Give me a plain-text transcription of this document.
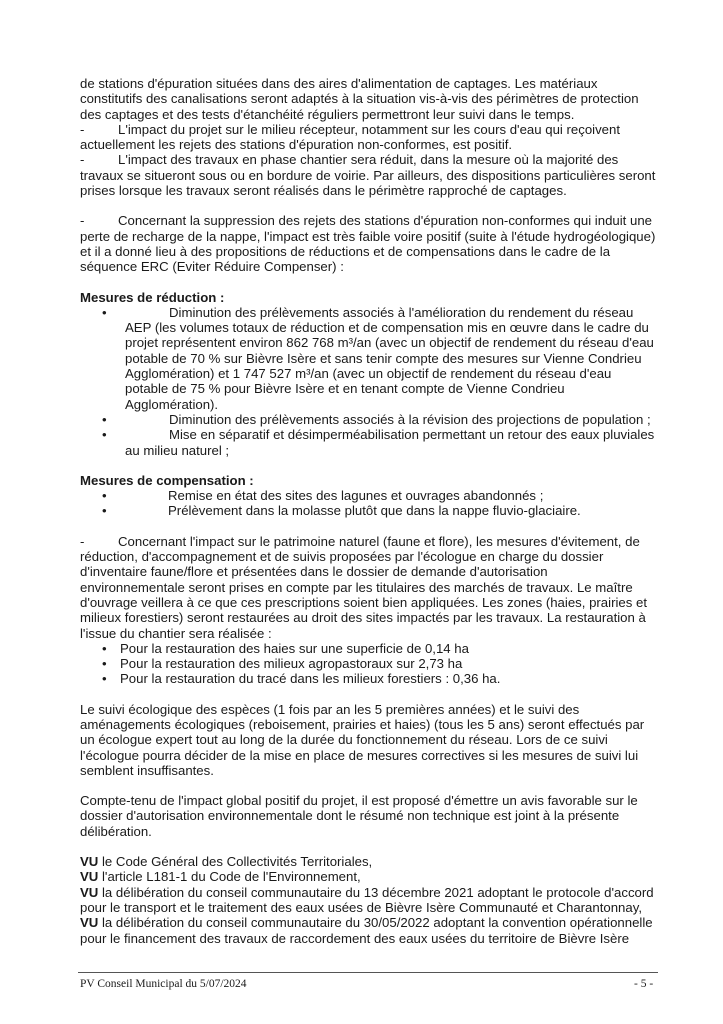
de stations d'épuration situées dans des aires d'alimentation de captages. Les matériaux constitutifs des canalisations seront adaptés à la situation vis-à-vis des périmètres de protection des captages et des tests d'étanchéité réguliers permettront leur suivi dans le temps.

-	L'impact du projet sur le milieu récepteur, notamment sur les cours d'eau qui reçoivent actuellement les rejets des stations d'épuration non-conformes, est positif.

-	L'impact des travaux en phase chantier sera réduit, dans la mesure où la majorité des travaux se situeront sous ou en bordure de voirie. Par ailleurs, des dispositions particulières seront prises lorsque les travaux seront réalisés dans le périmètre rapproché de captages.

-	Concernant la suppression des rejets des stations d'épuration non-conformes qui induit une perte de recharge de la nappe, l'impact est très faible voire positif (suite à l'étude hydrogéologique) et il a donné lieu à des propositions de réductions et de compensations dans le cadre de la séquence ERC (Eviter Réduire Compenser) :

Mesures de réduction :

• Diminution des prélèvements associés à l'amélioration du rendement du réseau AEP (les volumes totaux de réduction et de compensation mis en œuvre dans le cadre du projet représentent environ 862 768 m³/an (avec un objectif de rendement du réseau d'eau potable de 70 % sur Bièvre Isère et sans tenir compte des mesures sur Vienne Condrieu Agglomération) et 1 747 527 m³/an (avec un objectif de rendement du réseau d'eau potable de 75 % pour Bièvre Isère et en tenant compte de Vienne Condrieu Agglomération).
• Diminution des prélèvements associés à la révision des projections de population ;
• Mise en séparatif et désimperméabilisation permettant un retour des eaux pluviales au milieu naturel ;

Mesures de compensation :

• Remise en état des sites des lagunes et ouvrages abandonnés ;
• Prélèvement dans la molasse plutôt que dans la nappe fluvio-glaciaire.

-	Concernant l'impact sur le patrimoine naturel (faune et flore), les mesures d'évitement, de réduction, d'accompagnement et de suivis proposées par l'écologue en charge du dossier d'inventaire faune/flore et présentées dans le dossier de demande d'autorisation environnementale seront prises en compte par les titulaires des marchés de travaux. Le maître d'ouvrage veillera à ce que ces prescriptions soient bien appliquées. Les zones (haies, prairies et milieux forestiers) seront restaurées au droit des sites impactés par les travaux. La restauration à l'issue du chantier sera réalisée :

• Pour la restauration des haies sur une superficie de 0,14 ha
• Pour la restauration des milieux agropastoraux sur 2,73 ha
• Pour la restauration du tracé dans les milieux forestiers : 0,36 ha.

Le suivi écologique des espèces (1 fois par an les 5 premières années) et le suivi des aménagements écologiques (reboisement, prairies et haies) (tous les 5 ans) seront effectués par un écologue expert tout au long de la durée du fonctionnement du réseau. Lors de ce suivi l'écologue pourra décider de la mise en place de mesures correctives si les mesures de suivi lui semblent insuffisantes.

Compte-tenu de l'impact global positif du projet, il est proposé d'émettre un avis favorable sur le dossier d'autorisation environnementale dont le résumé non technique est joint à la présente délibération.

VU le Code Général des Collectivités Territoriales,

VU l'article L181-1 du Code de l'Environnement,

VU la délibération du conseil communautaire du 13 décembre 2021 adoptant le protocole d'accord pour le transport et le traitement des eaux usées de Bièvre Isère Communauté et Charantonnay,

VU la délibération du conseil communautaire du 30/05/2022 adoptant la convention opérationnelle pour le financement des travaux de raccordement des eaux usées du territoire de Bièvre Isère

PV Conseil Municipal du 5/07/2024	- 5 -
